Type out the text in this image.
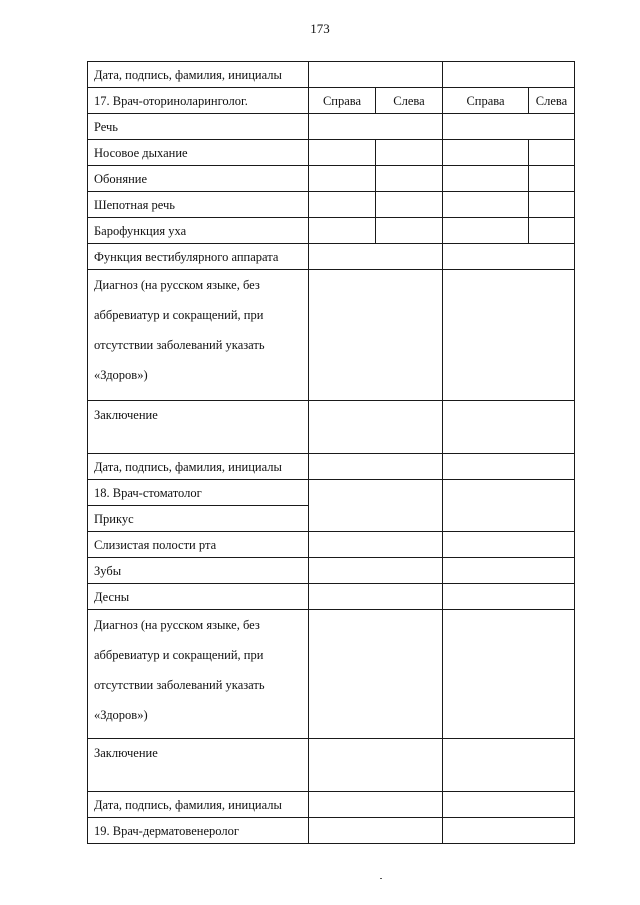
173
Дата, подпись, фамилия, инициалы				
17. Врач-оториноларинголог.	Справа	Слева	Справа	Слева
Речь				
Носовое дыхание				
Обоняние				
Шепотная речь				
Барофункция уха				
Функция вестибулярного аппарата				

Диагноз (на русском языке, без
аббревиатур и сокращений, при
отсутствии заболеваний указать
«Здоров»)				

Заключение				

Дата, подпись, фамилия, инициалы				
18. Врач-стоматолог				
Прикус				
Слизистая полости рта				
Зубы				
Десны				

Диагноз (на русском языке, без
аббревиатур и сокращений, при
отсутствии заболеваний указать
«Здоров»)				

Заключение				

Дата, подпись, фамилия, инициалы				
19. Врач-дерматовенеролог				
